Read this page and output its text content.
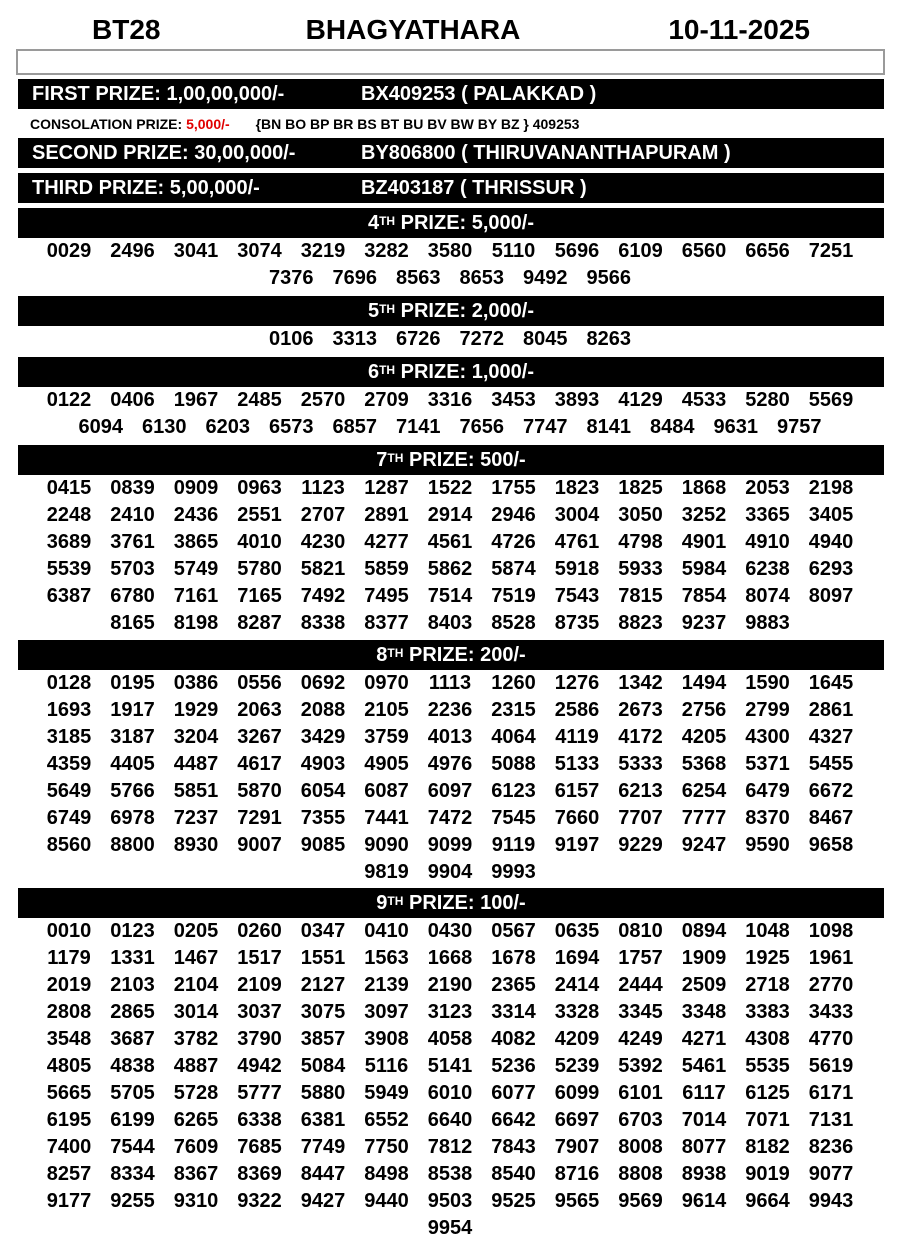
BT28	BHAGYATHARA	10-11-2025
FIRST PRIZE: 1,00,00,000/-	BX409253 ( PALAKKAD )
CONSOLATION PRIZE: 5,000/- {BN BO BP BR BS BT BU BV BW BY BZ } 409253
SECOND PRIZE: 30,00,000/-	BY806800 ( THIRUVANANTHAPURAM )
THIRD PRIZE: 5,00,000/-	BZ403187 ( THRISSUR )
4TH PRIZE: 5,000/-
0029 2496 3041 3074 3219 3282 3580 5110 5696 6109 6560 6656 7251
7376 7696 8563 8653 9492 9566
5TH PRIZE: 2,000/-
0106 3313 6726 7272 8045 8263
6TH PRIZE: 1,000/-
0122 0406 1967 2485 2570 2709 3316 3453 3893 4129 4533 5280 5569
6094 6130 6203 6573 6857 7141 7656 7747 8141 8484 9631 9757
7TH PRIZE: 500/-
0415 0839 0909 0963 1123 1287 1522 1755 1823 1825 1868 2053 2198
2248 2410 2436 2551 2707 2891 2914 2946 3004 3050 3252 3365 3405
3689 3761 3865 4010 4230 4277 4561 4726 4761 4798 4901 4910 4940
5539 5703 5749 5780 5821 5859 5862 5874 5918 5933 5984 6238 6293
6387 6780 7161 7165 7492 7495 7514 7519 7543 7815 7854 8074 8097
8165 8198 8287 8338 8377 8403 8528 8735 8823 9237 9883
8TH PRIZE: 200/-
0128 0195 0386 0556 0692 0970	1113	1260 1276 1342 1494 1590 1645
1693 1917 1929 2063 2088 2105 2236 2315 2586 2673 2756 2799 2861
3185 3187 3204 3267 3429 3759 4013 4064 4119 4172 4205 4300 4327
4359 4405 4487 4617 4903 4905 4976 5088 5133 5333 5368 5371 5455
5649 5766 5851 5870 6054 6087 6097 6123 6157 6213 6254 6479 6672
6749 6978 7237 7291 7355 7441 7472 7545 7660 7707 7777 8370 8467
8560 8800 8930 9007 9085 9090 9099 9119 9197 9229 9247 9590 9658
9819 9904 9993
9TH PRIZE: 100/-
0010 0123 0205 0260 0347 0410 0430 0567 0635 0810 0894 1048 1098
1179 1331 1467 1517 1551 1563 1668 1678 1694 1757 1909 1925 1961
2019 2103 2104 2109 2127 2139 2190 2365 2414 2444 2509 2718 2770
2808 2865 3014 3037 3075 3097 3123 3314 3328 3345 3348 3383 3433
3548 3687 3782 3790 3857 3908 4058 4082 4209 4249 4271 4308 4770
4805 4838 4887 4942 5084 5116 5141 5236 5239 5392 5461 5535 5619
5665 5705 5728 5777 5880 5949 6010 6077 6099 6101 6117 6125 6171
6195 6199 6265 6338 6381 6552 6640 6642 6697 6703 7014 7071 7131
7400 7544 7609 7685 7749 7750 7812 7843 7907 8008 8077 8182 8236
8257 8334 8367 8369 8447 8498 8538 8540 8716 8808 8938 9019 9077
9177 9255 9310 9322 9427 9440 9503 9525 9565 9569 9614 9664 9943
9954
